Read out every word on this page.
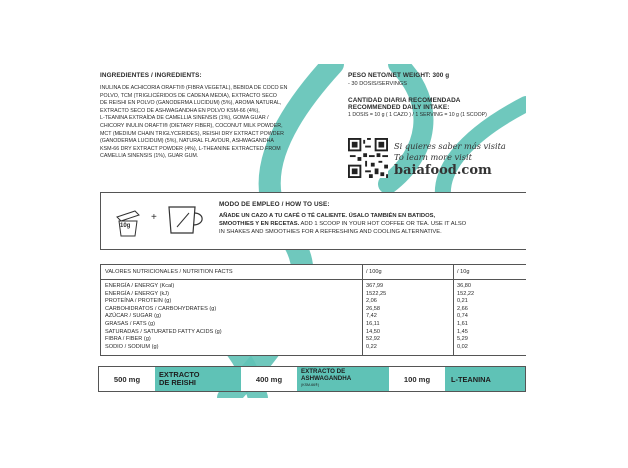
INGREDIENTES / INGREDIENTS:
INULINA DE ACHICORIA ORAFTI® (FIBRA VEGETAL), BEBIDA DE COCO EN
POLVO, TCM (TRIGLICÉRIDOS DE CADENA MEDIA), EXTRACTO SECO
DE REISHI EN POLVO (GANODERMA LUCIDUM) (5%), AROMA NATURAL,
EXTRACTO SECO DE ASHWAGANDHA EN POLVO KSM-66 (4%),
L-TEANINA EXTRAÍDA DE CAMELLIA SINENSIS (1%), GOMA GUAR /
CHICORY INULIN ORAFTI® (DIETARY FIBER), COCONUT MILK POWDER,
MCT (MEDIUM CHAIN TRIGLYCERIDES), REISHI DRY EXTRACT POWDER
(GANODERMA LUCIDUM) (5%), NATURAL FLAVOUR, ASHWAGANDHA
KSM-66 DRY EXTRACT POWDER (4%), L-THEANINE EXTRACTED FROM
CAMELLIA SINENSIS (1%), GUAR GUM.
PESO NETO/NET WEIGHT: 300 g
- 30 DOSIS/SERVINGS
CANTIDAD DIARIA RECOMENDADA
RECOMMENDED DAILY INTAKE:
1 DOSIS = 10 g ( 1 CAZO ) / 1 SERVING = 10 g (1 SCOOP)
Si quieres saber más visita
To learn more visit
baiafood.com
10g
+
MODO DE EMPLEO / HOW TO USE:
AÑADE UN CAZO A TU CAFÉ O TÉ CALIENTE. ÚSALO TAMBIÉN EN BATIDOS,
SMOOTHIES Y EN RECETAS. ADD 1 SCOOP IN YOUR HOT COFFEE OR TEA. USE IT ALSO
IN SHAKES AND SMOOTHIES FOR A REFRESHING AND COOLING ALTERNATIVE.
VALORES NUTRICIONALES / NUTRITION FACTS	/ 100g	/ 10g
ENERGÍA / ENERGY (Kcal)	367,99	36,80
ENERGÍA / ENERGY (kJ)	1522,25	152,22
PROTEÍNA / PROTEIN (g)	2,06	0,21
CARBOHIDRATOS / CARBOHYDRATES (g)	26,58	2,66
AZÚCAR / SUGAR (g)	7,42	0,74
GRASAS / FATS (g)	16,11	1,61
SATURADAS / SATURATED FATTY ACIDS (g)	14,50	1,45
FIBRA / FIBER (g)	52,92	5,29
SODIO / SODIUM (g)	0,22	0,02
500 mg	EXTRACTO
DE REISHI	400 mg
EXTRACTO DE
ASHWAGANDHA
(KSM-66®)
100 mg	L-TEANINA
